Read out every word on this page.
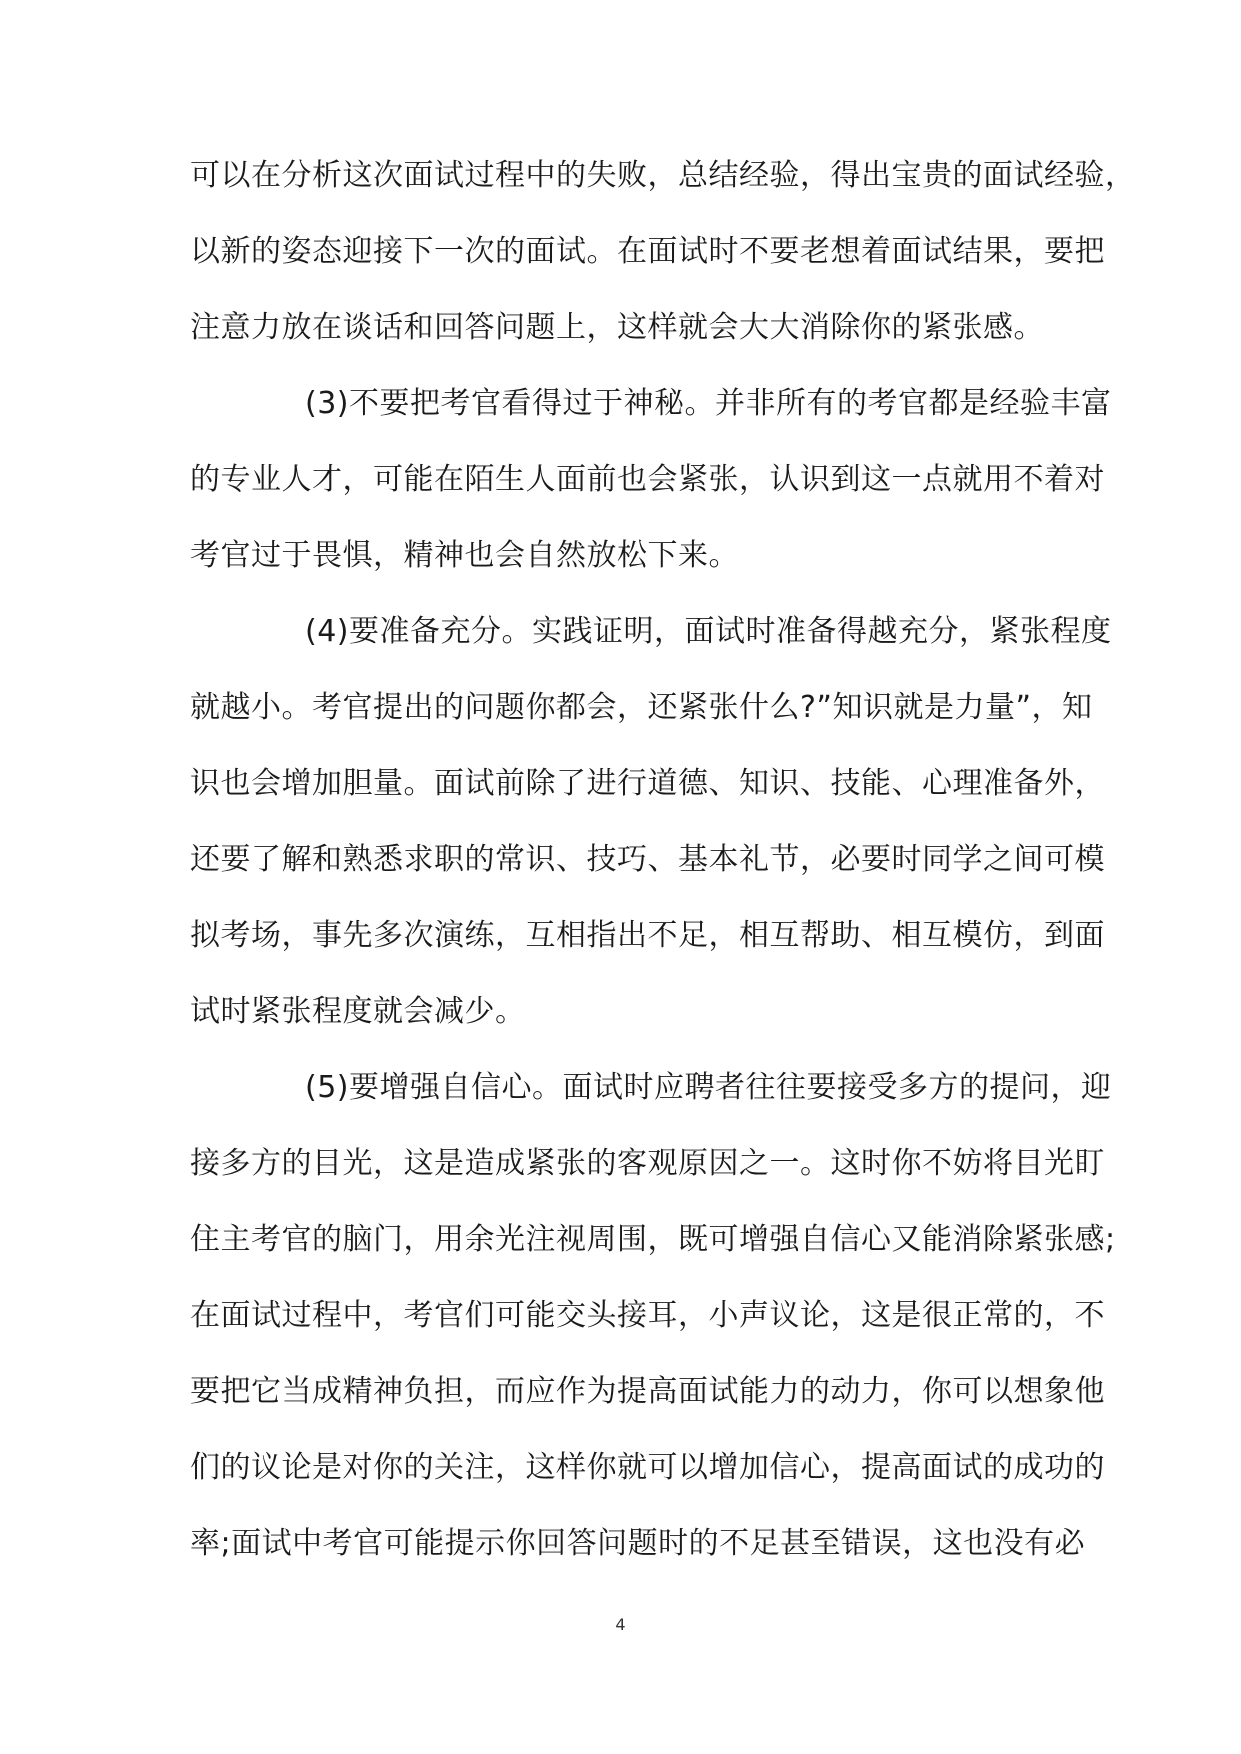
可以在分析这次面试过程中的失败，总结经验，得出宝贵的面试经验，
以新的姿态迎接下一次的面试。在面试时不要老想着面试结果，要把
注意力放在谈话和回答问题上，这样就会大大消除你的紧张感。
(3)不要把考官看得过于神秘。并非所有的考官都是经验丰富
的专业人才，可能在陌生人面前也会紧张，认识到这一点就用不着对
考官过于畏惧，精神也会自然放松下来。
(4)要准备充分。实践证明，面试时准备得越充分，紧张程度
就越小。考官提出的问题你都会，还紧张什么?”知识就是力量”，知
识也会增加胆量。面试前除了进行道德、知识、技能、心理准备外，
还要了解和熟悉求职的常识、技巧、基本礼节，必要时同学之间可模
拟考场，事先多次演练，互相指出不足，相互帮助、相互模仿，到面
试时紧张程度就会减少。
(5)要增强自信心。面试时应聘者往往要接受多方的提问，迎
接多方的目光，这是造成紧张的客观原因之一。这时你不妨将目光盯
住主考官的脑门，用余光注视周围，既可增强自信心又能消除紧张感;
在面试过程中，考官们可能交头接耳，小声议论，这是很正常的，不
要把它当成精神负担，而应作为提高面试能力的动力，你可以想象他
们的议论是对你的关注，这样你就可以增加信心，提高面试的成功的
率;面试中考官可能提示你回答问题时的不足甚至错误，这也没有必
4
